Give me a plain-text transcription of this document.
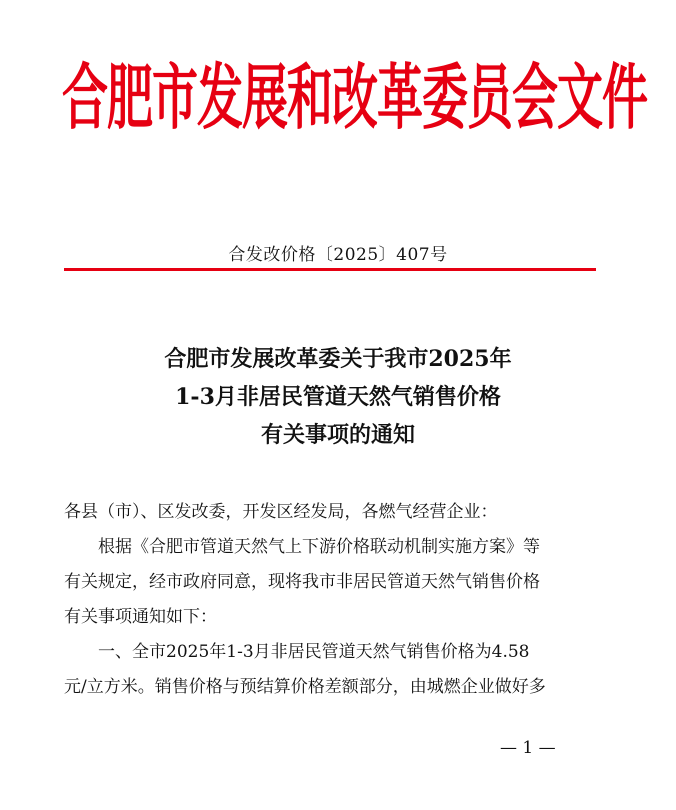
合肥市发展和改革委员会文件
合发改价格〔2025〕407号
合肥市发展改革委关于我市2025年
1-3月非居民管道天然气销售价格
有关事项的通知

各县（市）、区发改委，开发区经发局，各燃气经营企业：

根据《合肥市管道天然气上下游价格联动机制实施方案》等

有关规定，经市政府同意，现将我市非居民管道天然气销售价格

有关事项通知如下：

一、全市2025年1-3月非居民管道天然气销售价格为4.58

元/立方米。销售价格与预结算价格差额部分，由城燃企业做好多

— 1 —
